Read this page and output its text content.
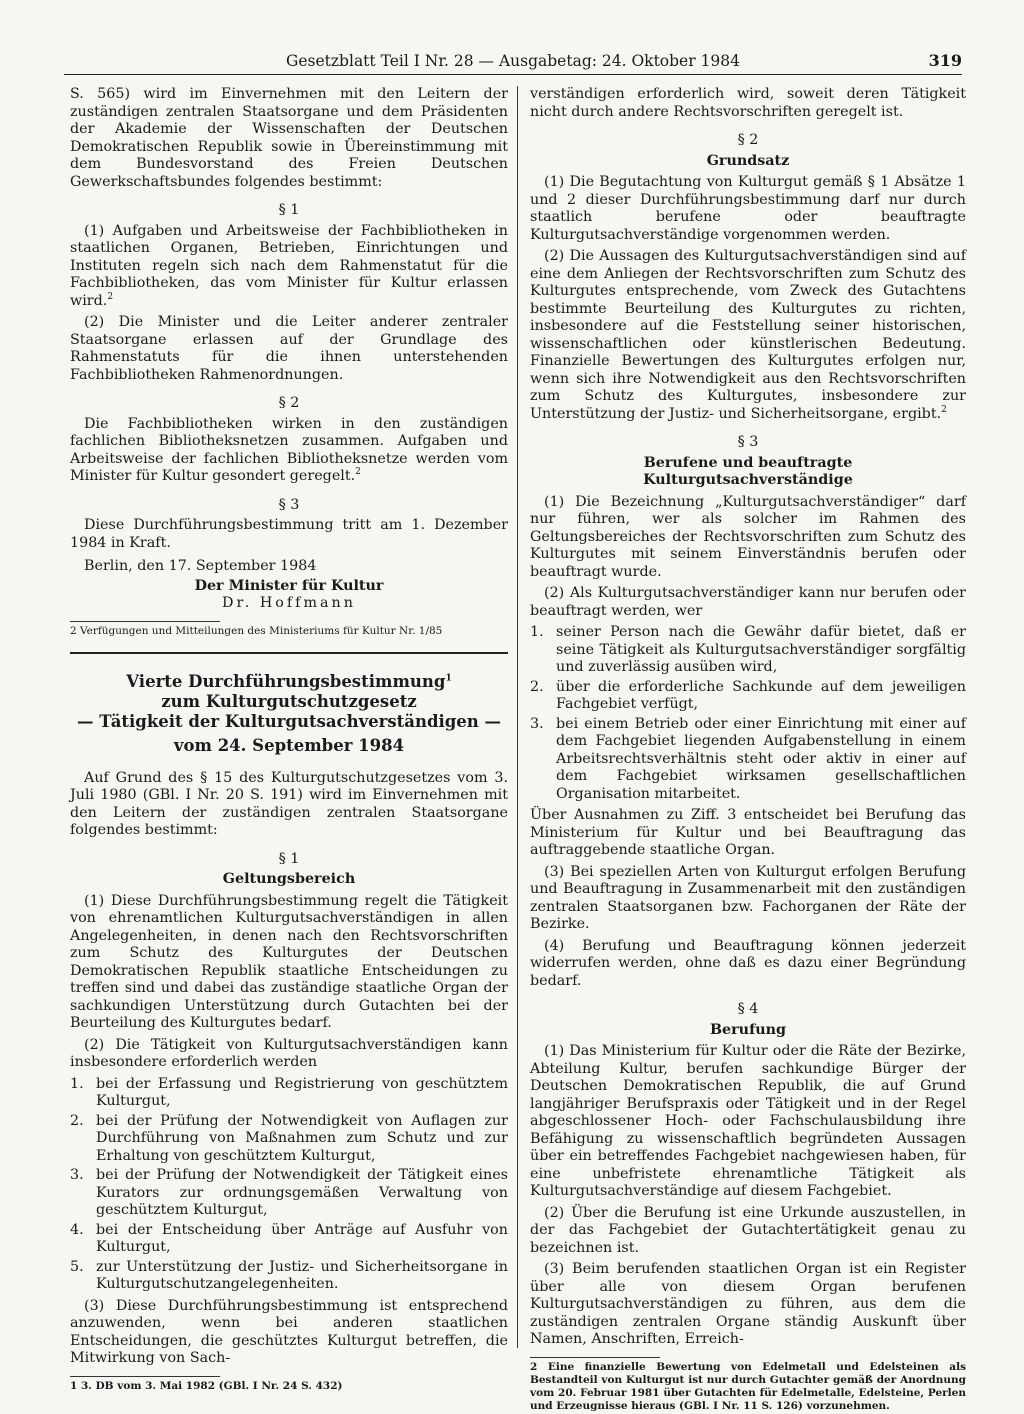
Gesetzblatt Teil I Nr. 28 — Ausgabetag: 24. Oktober 1984	319

S. 565) wird im Einvernehmen mit den Leitern der zuständigen zentralen Staatsorgane und dem Präsidenten der Akademie der Wissenschaften der Deutschen Demokratischen Republik sowie in Übereinstimmung mit dem Bundesvorstand des Freien Deutschen Gewerkschaftsbundes folgendes bestimmt:

§ 1

(1) Aufgaben und Arbeitsweise der Fachbibliotheken in staatlichen Organen, Betrieben, Einrichtungen und Instituten regeln sich nach dem Rahmenstatut für die Fachbibliotheken, das vom Minister für Kultur erlassen wird.$^2$

(2) Die Minister und die Leiter anderer zentraler Staatsorgane erlassen auf der Grundlage des Rahmenstatuts für die ihnen unterstehenden Fachbibliotheken Rahmenordnungen.

§ 2

Die Fachbibliotheken wirken in den zuständigen fachlichen Bibliotheksnetzen zusammen. Aufgaben und Arbeitsweise der fachlichen Bibliotheksnetze werden vom Minister für Kultur gesondert geregelt.$^2$

§ 3

Diese Durchführungsbestimmung tritt am 1. Dezember 1984 in Kraft.

Berlin, den 17. September 1984

Der Minister für Kultur

Dr. Hoffmann

2 Verfügungen und Mitteilungen des Ministeriums für Kultur Nr. 1/85

Vierte Durchführungsbestimmung$^1$

zum Kulturgutschutzgesetz

— Tätigkeit der Kulturgutsachverständigen —

vom 24. September 1984

Auf Grund des § 15 des Kulturgutschutzgesetzes vom 3. Juli 1980 (GBl. I Nr. 20 S. 191) wird im Einvernehmen mit den Leitern der zuständigen zentralen Staatsorgane folgendes bestimmt:

§ 1
Geltungsbereich

(1) Diese Durchführungsbestimmung regelt die Tätigkeit von ehrenamtlichen Kulturgutsachverständigen in allen Angelegenheiten, in denen nach den Rechtsvorschriften zum Schutz des Kulturgutes der Deutschen Demokratischen Republik staatliche Entscheidungen zu treffen sind und dabei das zuständige staatliche Organ der sachkundigen Unterstützung durch Gutachten bei der Beurteilung des Kulturgutes bedarf.

(2) Die Tätigkeit von Kulturgutsachverständigen kann insbesondere erforderlich werden

1. bei der Erfassung und Registrierung von geschütztem Kulturgut,
2. bei der Prüfung der Notwendigkeit von Auflagen zur Durchführung von Maßnahmen zum Schutz und zur Erhaltung von geschütztem Kulturgut,
3. bei der Prüfung der Notwendigkeit der Tätigkeit eines Kurators zur ordnungsgemäßen Verwaltung von geschütztem Kulturgut,
4. bei der Entscheidung über Anträge auf Ausfuhr von Kulturgut,
5. zur Unterstützung der Justiz- und Sicherheitsorgane in Kulturgutschutzangelegenheiten.

(3) Diese Durchführungsbestimmung ist entsprechend anzuwenden, wenn bei anderen staatlichen Entscheidungen, die geschütztes Kulturgut betreffen, die Mitwirkung von Sach-

1 3. DB vom 3. Mai 1982 (GBl. I Nr. 24 S. 432)

verständigen erforderlich wird, soweit deren Tätigkeit nicht durch andere Rechtsvorschriften geregelt ist.

§ 2
Grundsatz

(1) Die Begutachtung von Kulturgut gemäß § 1 Absätze 1 und 2 dieser Durchführungsbestimmung darf nur durch staatlich berufene oder beauftragte Kulturgutsachverständige vorgenommen werden.

(2) Die Aussagen des Kulturgutsachverständigen sind auf eine dem Anliegen der Rechtsvorschriften zum Schutz des Kulturgutes entsprechende, vom Zweck des Gutachtens bestimmte Beurteilung des Kulturgutes zu richten, insbesondere auf die Feststellung seiner historischen, wissenschaftlichen oder künstlerischen Bedeutung. Finanzielle Bewertungen des Kulturgutes erfolgen nur, wenn sich ihre Notwendigkeit aus den Rechtsvorschriften zum Schutz des Kulturgutes, insbesondere zur Unterstützung der Justiz- und Sicherheitsorgane, ergibt.$^2$

§ 3
Berufene und beauftragte
Kulturgutsachverständige

(1) Die Bezeichnung „Kulturgutsachverständiger“ darf nur führen, wer als solcher im Rahmen des Geltungsbereiches der Rechtsvorschriften zum Schutz des Kulturgutes mit seinem Einverständnis berufen oder beauftragt wurde.

(2) Als Kulturgutsachverständiger kann nur berufen oder beauftragt werden, wer

1. seiner Person nach die Gewähr dafür bietet, daß er seine Tätigkeit als Kulturgutsachverständiger sorgfältig und zuverlässig ausüben wird,
2. über die erforderliche Sachkunde auf dem jeweiligen Fachgebiet verfügt,
3. bei einem Betrieb oder einer Einrichtung mit einer auf dem Fachgebiet liegenden Aufgabenstellung in einem Arbeitsrechtsverhältnis steht oder aktiv in einer auf dem Fachgebiet wirksamen gesellschaftlichen Organisation mitarbeitet.

Über Ausnahmen zu Ziff. 3 entscheidet bei Berufung das Ministerium für Kultur und bei Beauftragung das auftraggebende staatliche Organ.

(3) Bei speziellen Arten von Kulturgut erfolgen Berufung und Beauftragung in Zusammenarbeit mit den zuständigen zentralen Staatsorganen bzw. Fachorganen der Räte der Bezirke.

(4) Berufung und Beauftragung können jederzeit widerrufen werden, ohne daß es dazu einer Begründung bedarf.

§ 4
Berufung

(1) Das Ministerium für Kultur oder die Räte der Bezirke, Abteilung Kultur, berufen sachkundige Bürger der Deutschen Demokratischen Republik, die auf Grund langjähriger Berufspraxis oder Tätigkeit und in der Regel abgeschlossener Hoch- oder Fachschulausbildung ihre Befähigung zu wissenschaftlich begründeten Aussagen über ein betreffendes Fachgebiet nachgewiesen haben, für eine unbefristete ehrenamtliche Tätigkeit als Kulturgutsachverständige auf diesem Fachgebiet.

(2) Über die Berufung ist eine Urkunde auszustellen, in der das Fachgebiet der Gutachtertätigkeit genau zu bezeichnen ist.

(3) Beim berufenden staatlichen Organ ist ein Register über alle von diesem Organ berufenen Kulturgutsachverständigen zu führen, aus dem die zuständigen zentralen Organe ständig Auskunft über Namen, Anschriften, Erreich-

2 Eine finanzielle Bewertung von Edelmetall und Edelsteinen als Bestandteil von Kulturgut ist nur durch Gutachter gemäß der Anordnung vom 20. Februar 1981 über Gutachten für Edelmetalle, Edelsteine, Perlen und Erzeugnisse hieraus (GBl. I Nr. 11 S. 126) vorzunehmen.
